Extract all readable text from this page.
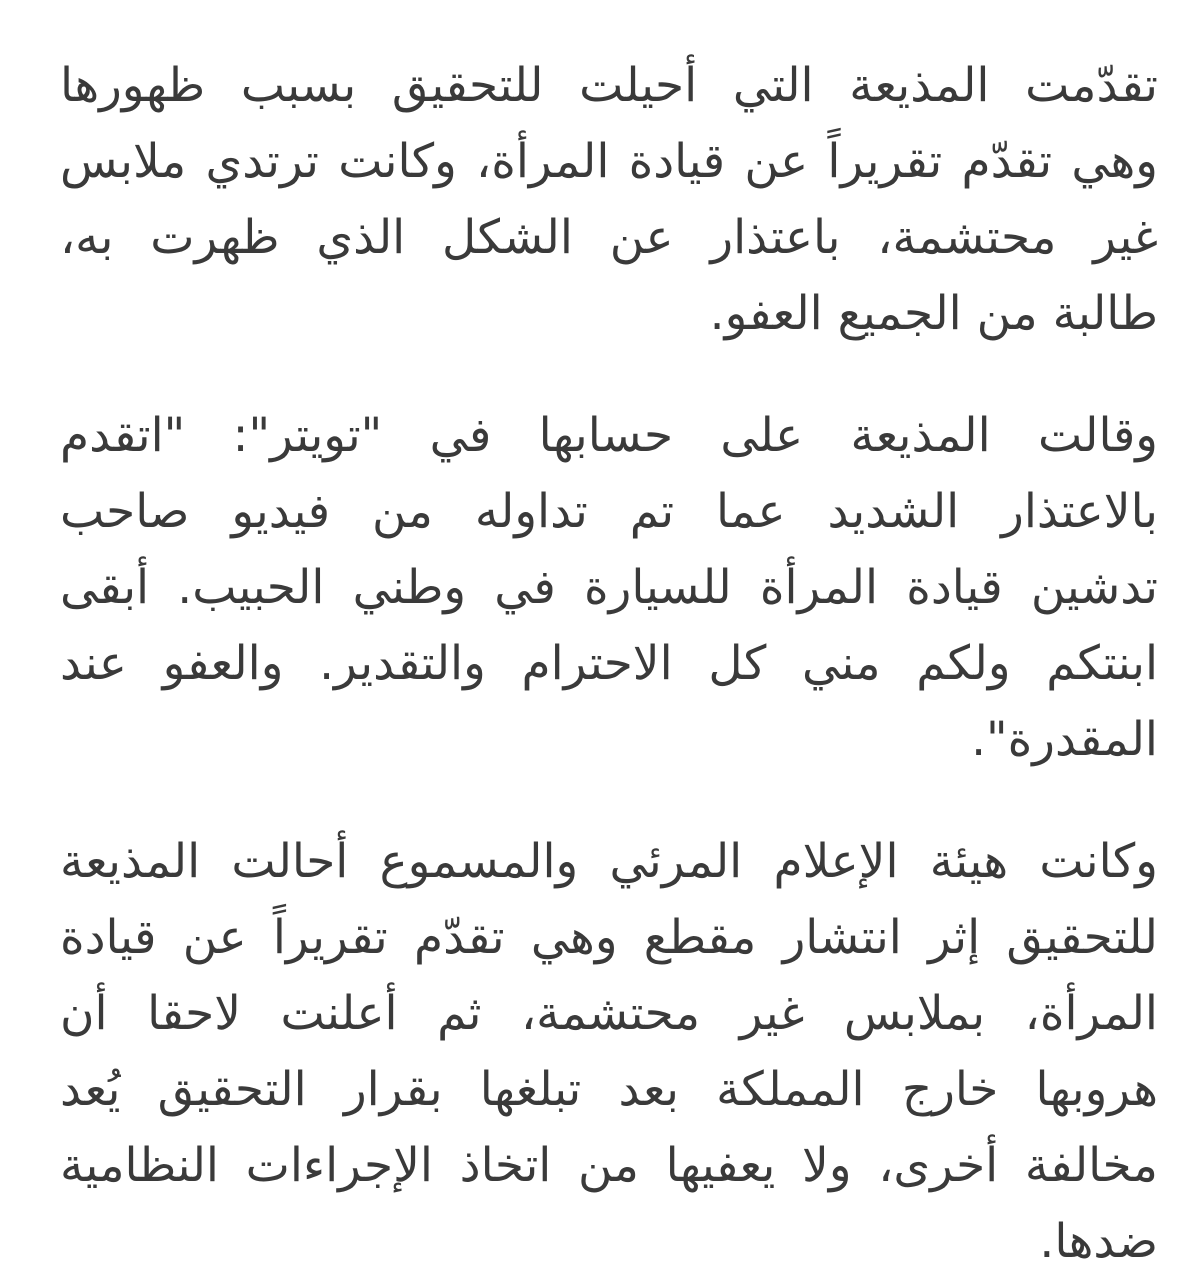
تقدّمت المذيعة التي أحيلت للتحقيق بسبب ظهورها
وهي تقدّم تقريراً عن قيادة المرأة، وكانت ترتدي ملابس
غير محتشمة، باعتذار عن الشكل الذي ظهرت به،
طالبة من الجميع العفو.

وقالت المذيعة على حسابها في "تويتر": "اتقدم
بالاعتذار الشديد عما تم تداوله من فيديو صاحب
تدشين قيادة المرأة للسيارة في وطني الحبيب. أبقى
ابنتكم ولكم مني كل الاحترام والتقدير. والعفو عند
المقدرة".

وكانت هيئة الإعلام المرئي والمسموع أحالت المذيعة
للتحقيق إثر انتشار مقطع وهي تقدّم تقريراً عن قيادة
المرأة، بملابس غير محتشمة، ثم أعلنت لاحقا أن
هروبها خارج المملكة بعد تبلغها بقرار التحقيق يُعد
مخالفة أخرى، ولا يعفيها من اتخاذ الإجراءات النظامية
ضدها.
